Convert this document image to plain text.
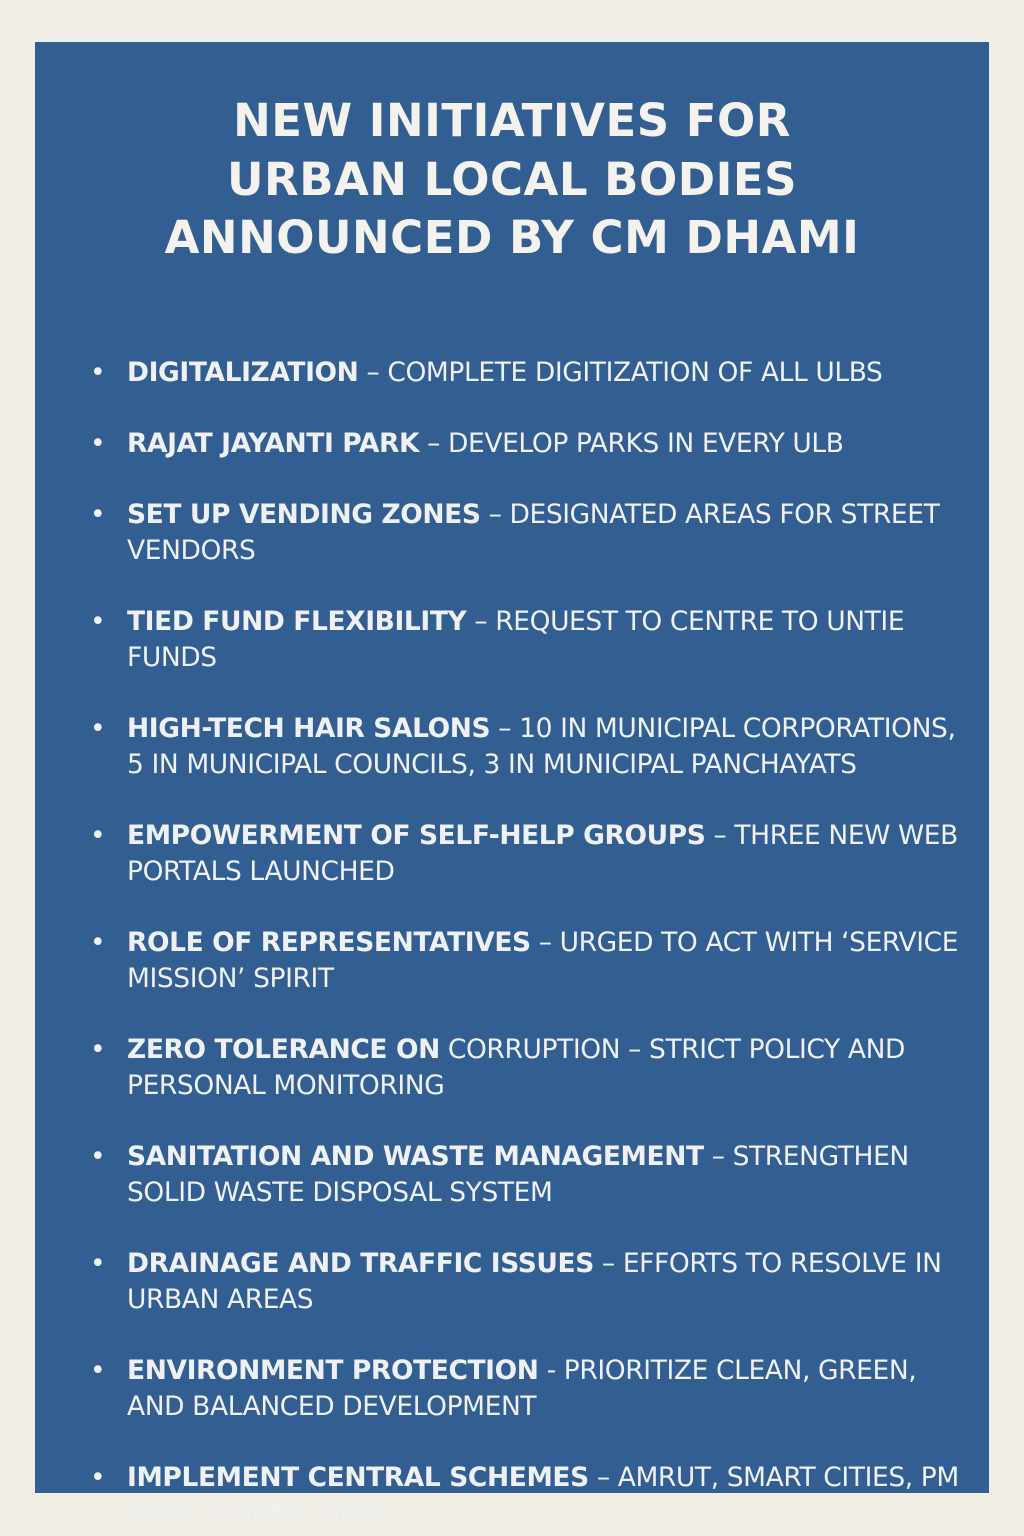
NEW INITIATIVES FOR
URBAN LOCAL BODIES
ANNOUNCED BY CM DHAMI
• DIGITALIZATION – COMPLETE DIGITIZATION OF ALL ULBS
• RAJAT JAYANTI PARK – DEVELOP PARKS IN EVERY ULB
• SET UP VENDING ZONES – DESIGNATED AREAS FOR STREET VENDORS
• TIED FUND FLEXIBILITY – REQUEST TO CENTRE TO UNTIE FUNDS
• HIGH-TECH HAIR SALONS – 10 IN MUNICIPAL CORPORATIONS, 5 IN MUNICIPAL COUNCILS, 3 IN MUNICIPAL PANCHAYATS
• EMPOWERMENT OF SELF-HELP GROUPS – THREE NEW WEB PORTALS LAUNCHED
• ROLE OF REPRESENTATIVES – URGED TO ACT WITH ‘SERVICE MISSION’ SPIRIT
• ZERO TOLERANCE ON CORRUPTION – STRICT POLICY AND PERSONAL MONITORING
• SANITATION AND WASTE MANAGEMENT – STRENGTHEN SOLID WASTE DISPOSAL SYSTEM
• DRAINAGE AND TRAFFIC ISSUES – EFFORTS TO RESOLVE IN URBAN AREAS
• ENVIRONMENT PROTECTION - PRIORITIZE CLEAN, GREEN, AND BALANCED DEVELOPMENT
• IMPLEMENT CENTRAL SCHEMES – AMRUT, SMART CITIES, PM AWAS YOJANA, SBM
